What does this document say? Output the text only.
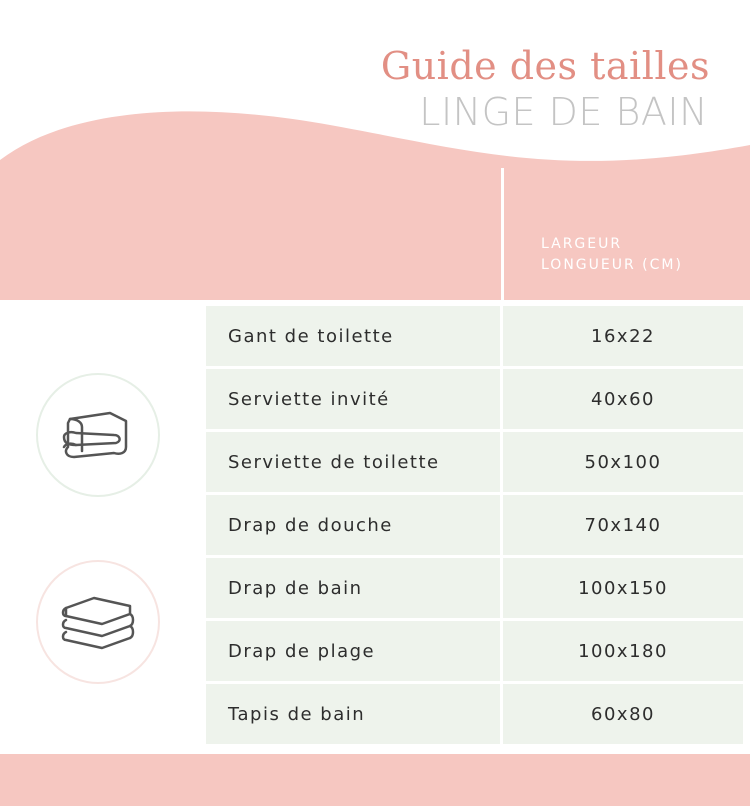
Guide des tailles
LINGE DE BAIN
LARGEUR
LONGUEUR (CM)
Gant de toilette	16x22
Serviette invité	40x60
Serviette de toilette	50x100
Drap de douche	70x140
Drap de bain	100x150
Drap de plage	100x180
Tapis de bain	60x80
